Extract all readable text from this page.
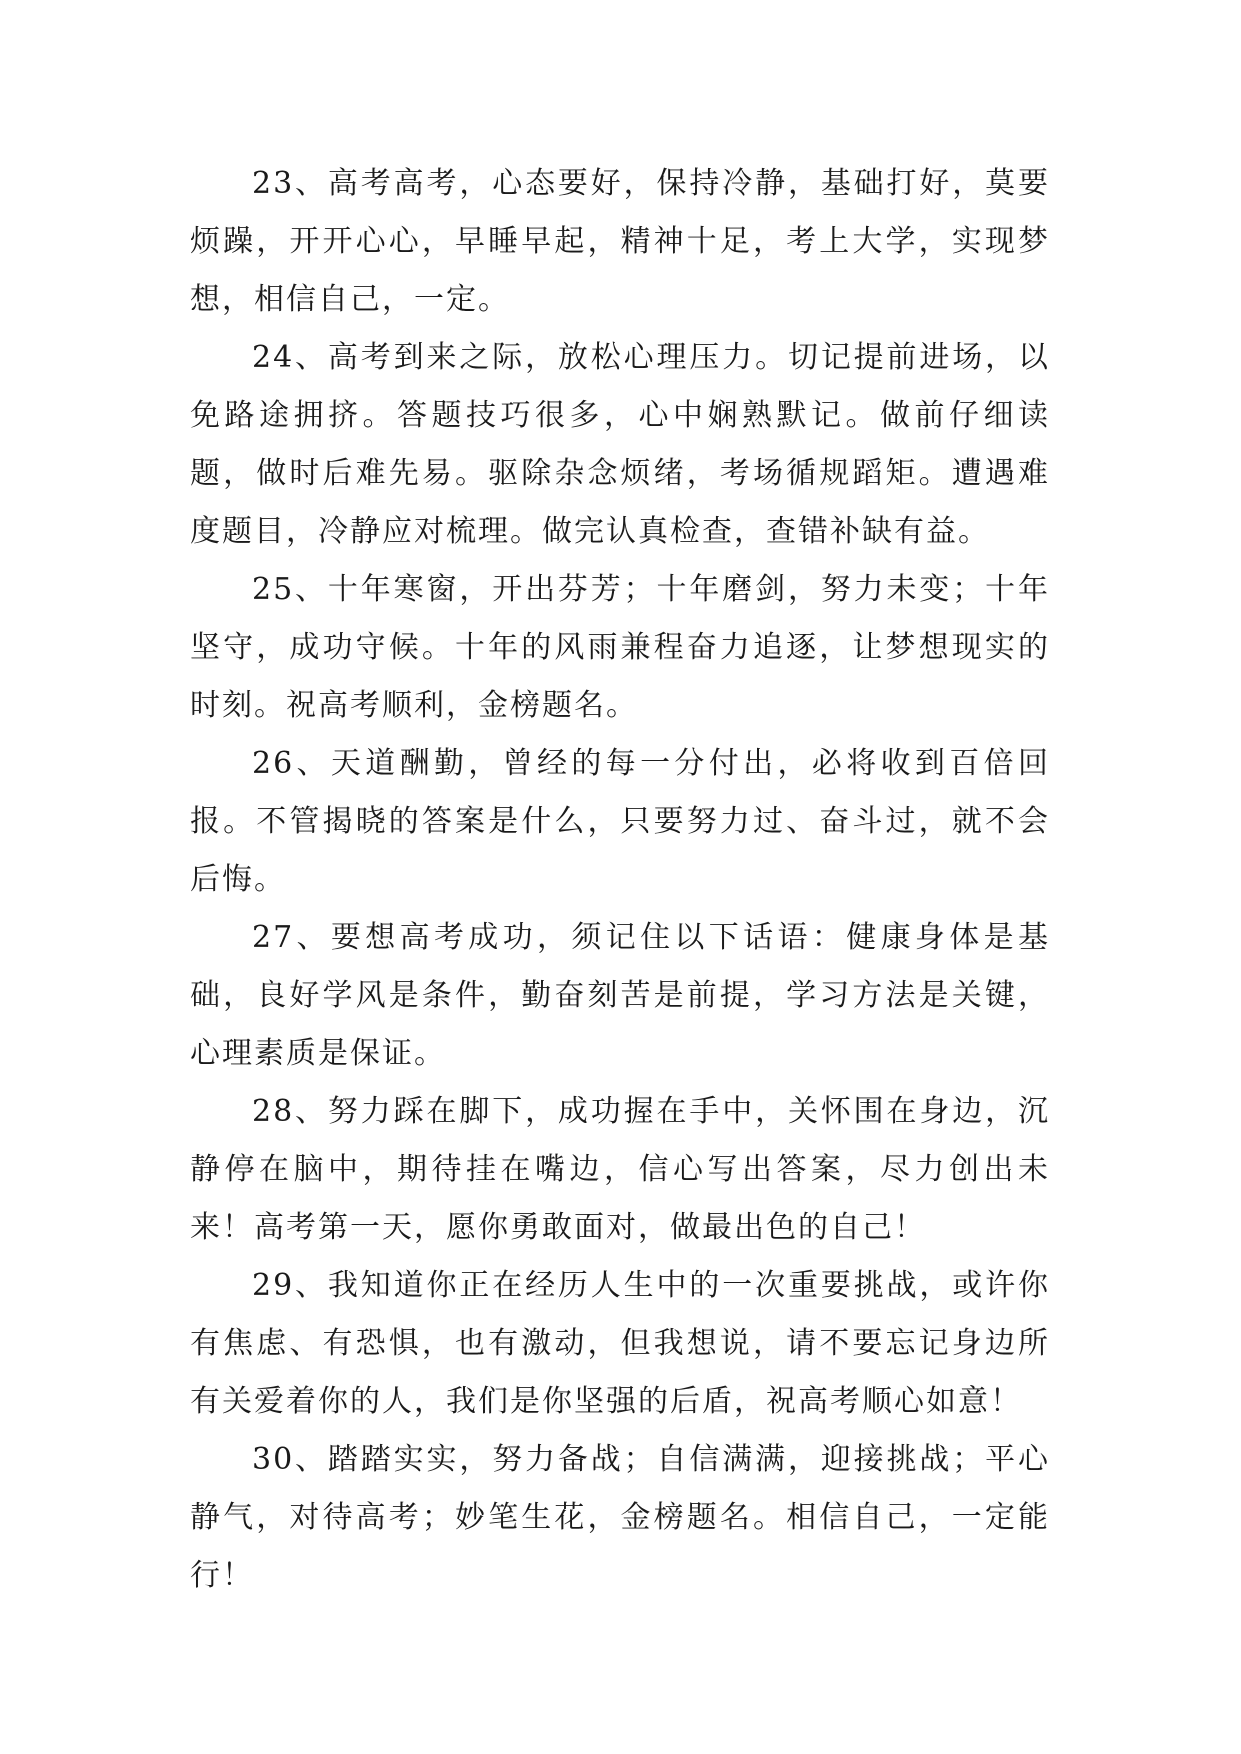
23、高考高考，心态要好，保持冷静，基础打好，莫要烦躁，开开心心，早睡早起，精神十足，考上大学，实现梦想，相信自己，一定。

24、高考到来之际，放松心理压力。切记提前进场，以免路途拥挤。答题技巧很多，心中娴熟默记。做前仔细读题，做时后难先易。驱除杂念烦绪，考场循规蹈矩。遭遇难度题目，冷静应对梳理。做完认真检查，查错补缺有益。

25、十年寒窗，开出芬芳；十年磨剑，努力未变；十年坚守，成功守候。十年的风雨兼程奋力追逐，让梦想现实的时刻。祝高考顺利，金榜题名。

26、天道酬勤，曾经的每一分付出，必将收到百倍回报。不管揭晓的答案是什么，只要努力过、奋斗过，就不会后悔。

27、要想高考成功，须记住以下话语：健康身体是基础，良好学风是条件，勤奋刻苦是前提，学习方法是关键，心理素质是保证。

28、努力踩在脚下，成功握在手中，关怀围在身边，沉静停在脑中，期待挂在嘴边，信心写出答案，尽力创出未来！高考第一天，愿你勇敢面对，做最出色的自己！

29、我知道你正在经历人生中的一次重要挑战，或许你有焦虑、有恐惧，也有激动，但我想说，请不要忘记身边所有关爱着你的人，我们是你坚强的后盾，祝高考顺心如意！

30、踏踏实实，努力备战；自信满满，迎接挑战；平心静气，对待高考；妙笔生花，金榜题名。相信自己，一定能行！
